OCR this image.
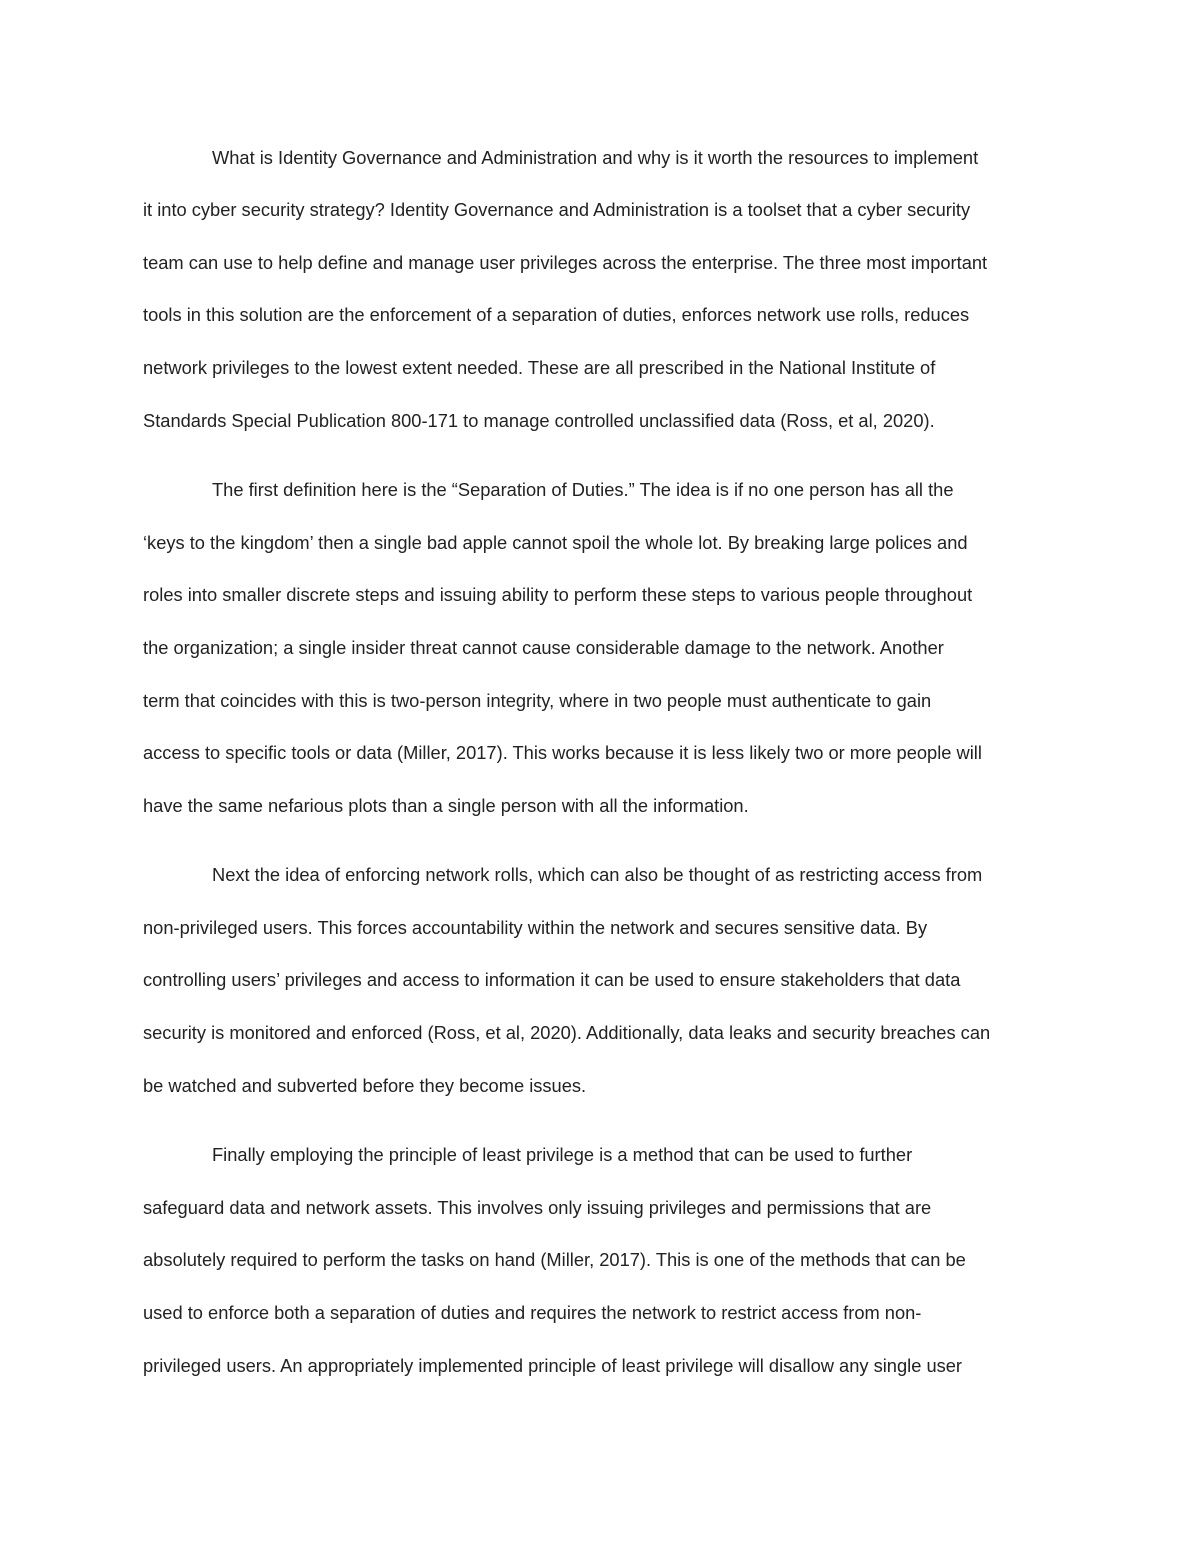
What is Identity Governance and Administration and why is it worth the resources to implement

it into cyber security strategy? Identity Governance and Administration is a toolset that a cyber security

team can use to help define and manage user privileges across the enterprise. The three most important

tools in this solution are the enforcement of a separation of duties, enforces network use rolls, reduces

network privileges to the lowest extent needed. These are all prescribed in the National Institute of

Standards Special Publication 800-171 to manage controlled unclassified data (Ross, et al, 2020).

The first definition here is the “Separation of Duties.” The idea is if no one person has all the

‘keys to the kingdom’ then a single bad apple cannot spoil the whole lot. By breaking large polices and

roles into smaller discrete steps and issuing ability to perform these steps to various people throughout

the organization; a single insider threat cannot cause considerable damage to the network. Another

term that coincides with this is two-person integrity, where in two people must authenticate to gain

access to specific tools or data (Miller, 2017). This works because it is less likely two or more people will

have the same nefarious plots than a single person with all the information.

Next the idea of enforcing network rolls, which can also be thought of as restricting access from

non-privileged users. This forces accountability within the network and secures sensitive data. By

controlling users’ privileges and access to information it can be used to ensure stakeholders that data

security is monitored and enforced (Ross, et al, 2020). Additionally, data leaks and security breaches can

be watched and subverted before they become issues.

Finally employing the principle of least privilege is a method that can be used to further

safeguard data and network assets. This involves only issuing privileges and permissions that are

absolutely required to perform the tasks on hand (Miller, 2017). This is one of the methods that can be

used to enforce both a separation of duties and requires the network to restrict access from non-

privileged users. An appropriately implemented principle of least privilege will disallow any single user
